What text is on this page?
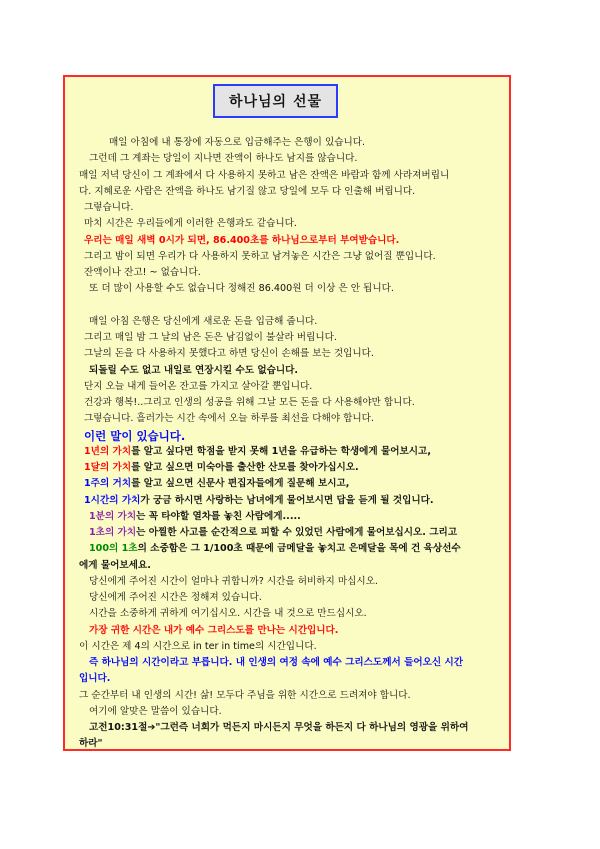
하나님의 선물
매일 아침에 내 통장에 자동으로 입금해주는 은행이 있습니다.
그런데 그 계좌는 당일이 지나면 잔액이 하나도 남지를 않습니다.
매일 저녁 당신이 그 계좌에서 다 사용하지 못하고 남은 잔액은 바람과 함께 사라져버립니
다. 지혜로운 사람은 잔액을 하나도 남기질 않고 당일에 모두 다 인출해 버립니다.
그렇습니다.
마치 시간은 우리들에게 이러한 은행과도 같습니다.
우리는 매일 새벽 0시가 되면, 86.400초를 하나님으로부터 부여받습니다.
그리고 밤이 되면 우리가 다 사용하지 못하고 남겨놓은 시간은 그냥 없어질 뿐입니다.
잔액이나 잔고! ~ 없습니다.
또 더 많이 사용할 수도 없습니다 정해진 86.400원 더 이상 은 안 됩니다.
매일 아침 은행은 당신에게 새로운 돈을 입금해 줍니다.
그리고 매일 밤 그 날의 남은 돈은 남김없이 불살라 버립니다.
그날의 돈을 다 사용하지 못했다고 하면 당신이 손해를 보는 것입니다.
되돌릴 수도 없고 내일로 연장시킬 수도 없습니다.
단지 오늘 내게 들어온 잔고를 가지고 살아갈 뿐입니다.
건강과 행복!..그리고 인생의 성공을 위해 그날 모든 돈을 다 사용해야만 합니다.
그렇습니다. 흘러가는 시간 속에서 오늘 하루를 최선을 다해야 합니다.
이런 말이 있습니다.
1년의 가치를 알고 싶다면 학점을 받지 못해 1년을 유급하는 학생에게 물어보시고,
1달의 가치를 알고 싶으면 미숙아를 출산한 산모를 찾아가십시오.
1주의 거치를 알고 싶으면 신문사 편집자들에게 질문해 보시고,
1시간의 가치가 궁금 하시면 사랑하는 남녀에게 물어보시면 답을 듣게 될 것입니다.
1분의 가치는 꼭 타야할 열차를 놓친 사람에게.....
1초의 가치는 아찔한 사고를 순간적으로 피할 수 있었던 사람에게 물어보십시오. 그리고
100의 1초의 소중함은 그 1/100초 때문에 금메달을 놓치고 은메달을 목에 건 육상선수
에게 물어보세요.
당신에게 주어진 시간이 얼마나 귀합니까? 시간을 허비하지 마십시오.
당신에게 주어진 시간은 정해져 있습니다.
시간을 소중하게 귀하게 여기십시오. 시간을 내 것으로 만드십시오.
가장 귀한 시간은 내가 예수 그리스도를 만나는 시간입니다.
이 시간은 제 4의 시간으로 in ter in time의 시간입니다.
즉 하나님의 시간이라고 부릅니다. 내 인생의 여정 속에 예수 그리스도께서 들어오신 시간
입니다.
그 순간부터 내 인생의 시간! 삶! 모두다 주님을 위한 시간으로 드려져야 합니다.
여기에 알맞은 말씀이 있습니다.
고전10:31절➔"그런즉 너희가 먹든지 마시든지 무엇을 하든지 다 하나님의 영광을 위하여
하라"
